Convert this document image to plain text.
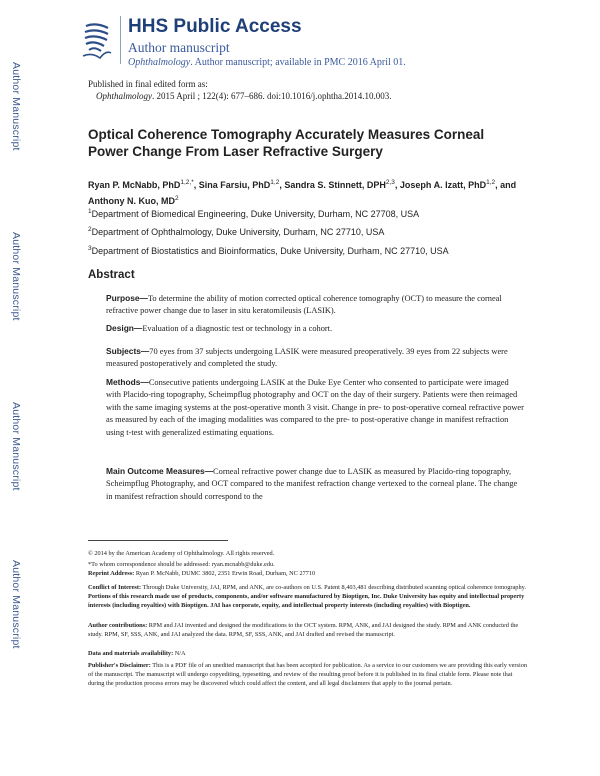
Author Manuscript
Author Manuscript
Author Manuscript
Author Manuscript
HHS Public Access
Author manuscript
Ophthalmology. Author manuscript; available in PMC 2016 April 01.
Published in final edited form as:
Ophthalmology. 2015 April ; 122(4): 677–686. doi:10.1016/j.ophtha.2014.10.003.
Optical Coherence Tomography Accurately Measures Corneal Power Change From Laser Refractive Surgery
Ryan P. McNabb, PhD$^{1,2,*}$, Sina Farsiu, PhD$^{1,2}$, Sandra S. Stinnett, DPH$^{2,3}$, Joseph A. Izatt, PhD$^{1,2}$, and Anthony N. Kuo, $MD^2$
$^1$Department of Biomedical Engineering, Duke University, Durham, NC 27708, USA
$^2$Department of Ophthalmology, Duke University, Durham, NC 27710, USA
$^3$Department of Biostatistics and Bioinformatics, Duke University, Durham, NC 27710, USA
Abstract
Purpose—To determine the ability of motion corrected optical coherence tomography (OCT) to measure the corneal refractive power change due to laser in situ keratomileusis (LASIK).
Design—Evaluation of a diagnostic test or technology in a cohort.
Subjects—70 eyes from 37 subjects undergoing LASIK were measured preoperatively. 39 eyes from 22 subjects were measured postoperatively and completed the study.
Methods—Consecutive patients undergoing LASIK at the Duke Eye Center who consented to participate were imaged with Placido-ring topography, Scheimpflug photography and OCT on the day of their surgery. Patients were then reimaged with the same imaging systems at the post-operative month 3 visit. Change in pre- to post-operative corneal refractive power as measured by each of the imaging modalities was compared to the pre- to post-operative change in manifest refraction using t-test with generalized estimating equations.
Main Outcome Measures—Corneal refractive power change due to LASIK as measured by Placido-ring topography, Scheimpflug Photography, and OCT compared to the manifest refraction change vertexed to the corneal plane. The change in manifest refraction should correspond to the
© 2014 by the American Academy of Ophthalmology. All rights reserved.
*To whom correspondence should be addressed: ryan.mcnabb@duke.edu.
Reprint Address: Ryan P. McNabb, DUMC 3802, 2351 Erwin Road, Durham, NC 27710
Conflict of Interest: Through Duke University, JAI, RPM, and ANK, are co-authors on U.S. Patent 8,403,481 describing distributed scanning optical coherence tomography. Portions of this research made use of products, components, and/or software manufactured by Bioptigen, Inc. Duke University has equity and intellectual property interests (including royalties) with Bioptigen. JAI has corporate, equity, and intellectual property interests (including royalties) with Bioptigen.
Author contributions: RPM and JAI invented and designed the modifications to the OCT system. RPM, ANK, and JAI designed the study. RPM and ANK conducted the study. RPM, SF, SSS, ANK, and JAI analyzed the data. RPM, SF, SSS, ANK, and JAI drafted and revised the manuscript.
Data and materials availability: N/A
Publisher's Disclaimer: This is a PDF file of an unedited manuscript that has been accepted for publication. As a service to our customers we are providing this early version of the manuscript. The manuscript will undergo copyediting, typesetting, and review of the resulting proof before it is published in its final citable form. Please note that during the production process errors may be discovered which could affect the content, and all legal disclaimers that apply to the journal pertain.
